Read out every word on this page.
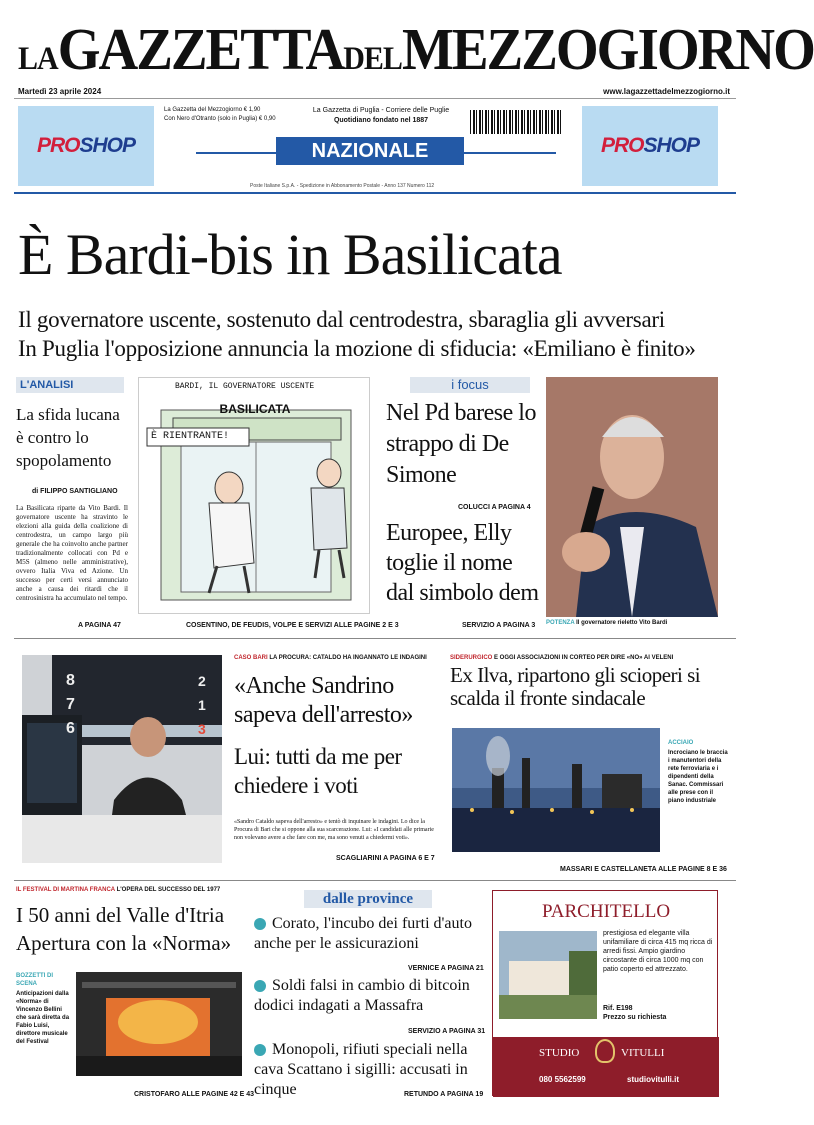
LAGAZZETTADELMEZZOGIORNO
Martedì 23 aprile 2024	www.lagazzettadelmezzogiorno.it
PROSHOP	PROSHOP
La Gazzetta del Mezzogiorno € 1,90
Con Nero d'Otranto (solo in Puglia) € 0,90
La Gazzetta di Puglia - Corriere delle Puglie
Quotidiano fondato nel 1887
NAZIONALE
Poste Italiane S.p.A. - Spedizione in Abbonamento Postale - Anno 137 Numero 112
È Bardi-bis in Basilicata
Il governatore uscente, sostenuto dal centrodestra, sbaraglia gli avversari
In Puglia l'opposizione annuncia la mozione di sfiducia: «Emiliano è finito»
L'ANALISI
La sfida lucana è contro lo spopolamento
di FILIPPO SANTIGLIANO
La Basilicata riparte da Vito Bardi. Il governatore uscente ha stravinto le elezioni alla guida della coalizione di centrodestra, un campo largo più generale che ha coinvolto anche partner tradizionalmente collocati con Pd e M5S (almeno nelle amministrative), ovvero Italia Viva ed Azione. Un successo per certi versi annunciato anche a causa dei ritardi che il centrosinistra ha accumulato nel tempo.
A PAGINA 47
BARDI, IL GOVERNATORE USCENTE
BASILICATA
È RIENTRANTE!
COSENTINO, DE FEUDIS, VOLPE E SERVIZI ALLE PAGINE 2 E 3
i focus
Nel Pd barese lo strappo di De Simone
COLUCCI A PAGINA 4
Europee, Elly toglie il nome dal simbolo dem
SERVIZIO A PAGINA 3 POTENZA Il governatore rieletto Vito Bardi
8
7
6
2
1
3
CASO BARI LA PROCURA: CATALDO HA INGANNATO LE INDAGINI
«Anche Sandrino sapeva dell'arresto»
Lui: tutti da me per chiedere i voti
«Sandro Cataldo sapeva dell'arresto» e tentò di inquinare le indagini. Lo dice la Procura di Bari che si oppone alla sua scarcerazione. Lui: «I candidati alle primarie non volevano avere a che fare con me, ma sono venuti a chiedermi voti».
SCAGLIARINI A PAGINA 6 E 7
SIDERURGICO E OGGI ASSOCIAZIONI IN CORTEO PER DIRE «NO» AI VELENI
Ex Ilva, ripartono gli scioperi si scalda il fronte sindacale
ACCIAIO
Incrociano le braccia i manutentori della rete ferroviaria e i dipendenti della Sanac. Commissari alle prese con il piano industriale
MASSARI E CASTELLANETA ALLE PAGINE 8 E 36
IL FESTIVAL DI MARTINA FRANCA L'OPERA DEL SUCCESSO DEL 1977
I 50 anni del Valle d'Itria
Apertura con la «Norma»
BOZZETTI DI SCENA
Anticipazioni dalla «Norma» di Vincenzo Bellini che sarà diretta da Fabio Luisi, direttore musicale del Festival
CRISTOFARO ALLE PAGINE 42 E 43
dalle province
Corato, l'incubo dei furti d'auto anche per le assicurazioni
VERNICE A PAGINA 21
Soldi falsi in cambio di bitcoin dodici indagati a Massafra
SERVIZIO A PAGINA 31
Monopoli, rifiuti speciali nella cava Scattano i sigilli: accusati in cinque	RETUNDO A PAGINA 19
PARCHITELLO
prestigiosa ed elegante villa unifamiliare di circa 415 mq ricca di arredi fissi. Ampio giardino circostante di circa 1000 mq con patio coperto ed attrezzato.
Rif. E198
Prezzo su richiesta
STUDIO	VITULLI
080 5562599	studiovitulli.it
